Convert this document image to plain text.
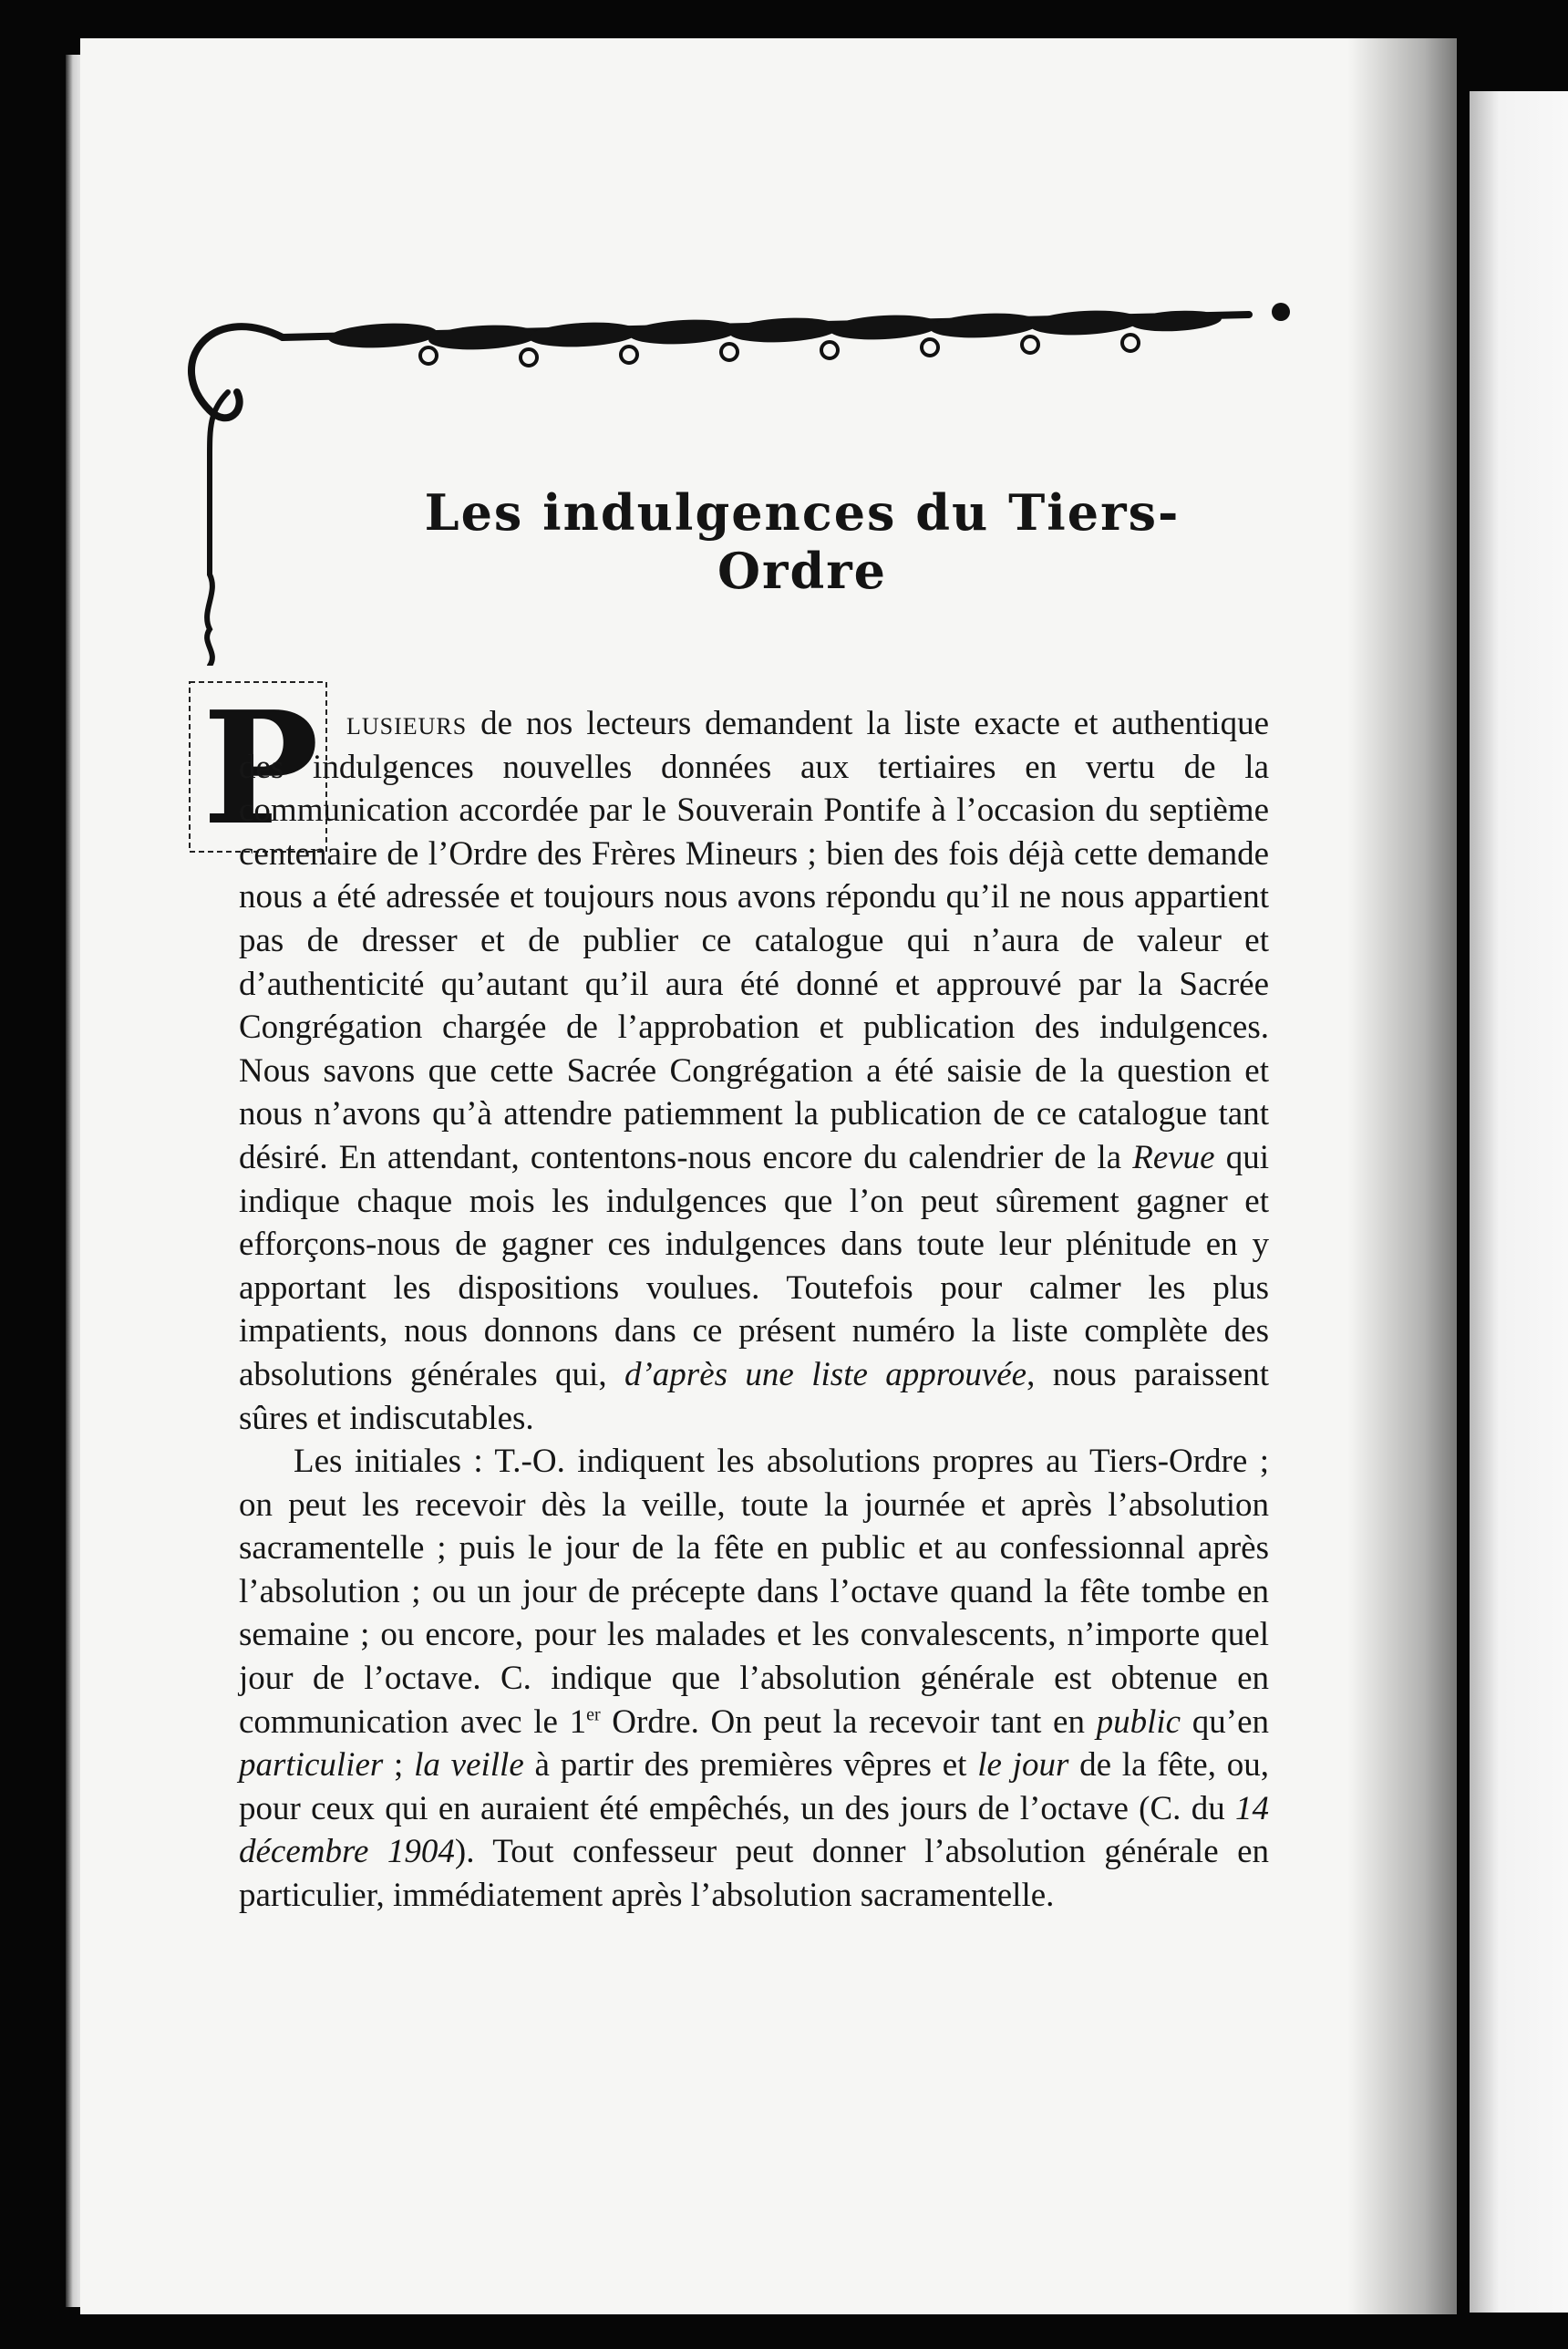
Les indulgences du Tiers-Ordre
P lusieurs de nos lecteurs demandent la liste exacte et authentique des indulgences nouvelles données aux tertiaires en vertu de la communication accordée par le Souverain Pontife à l’occasion du septième centenaire de l’Ordre des Frères Mineurs ; bien des fois déjà cette demande nous a été adressée et toujours nous avons répondu qu’il ne nous appartient pas de dresser et de publier ce catalogue qui n’aura de valeur et d’authenticité qu’autant qu’il aura été donné et approuvé par la Sacrée Congrégation chargée de l’approbation et publication des indulgences. Nous savons que cette Sacrée Congrégation a été saisie de la question et nous n’avons qu’à attendre patiemment la publication de ce catalogue tant désiré. En attendant, contentons-nous encore du calendrier de la Revue qui indique chaque mois les indulgences que l’on peut sûrement gagner et efforçons-nous de gagner ces indulgences dans toute leur plénitude en y apportant les dispositions voulues. Toutefois pour calmer les plus impatients, nous donnons dans ce présent numéro la liste complète des absolutions générales qui, d’après une liste approuvée, nous paraissent sûres et indiscutables.

Les initiales : T.-O. indiquent les absolutions propres au Tiers-Ordre ; on peut les recevoir dès la veille, toute la journée et après l’absolution sacramentelle ; puis le jour de la fête en public et au confessionnal après l’absolution ; ou un jour de précepte dans l’octave quand la fête tombe en semaine ; ou encore, pour les malades et les convalescents, n’importe quel jour de l’octave. C. indique que l’absolution générale est obtenue en communication avec le 1er Ordre. On peut la recevoir tant en public qu’en particulier ; la veille à partir des premières vêpres et le jour de la fête, ou, pour ceux qui en auraient été empêchés, un des jours de l’octave (C. du 14 décembre 1904). Tout confesseur peut donner l’absolution générale en particulier, immédiatement après l’absolution sacramentelle.
